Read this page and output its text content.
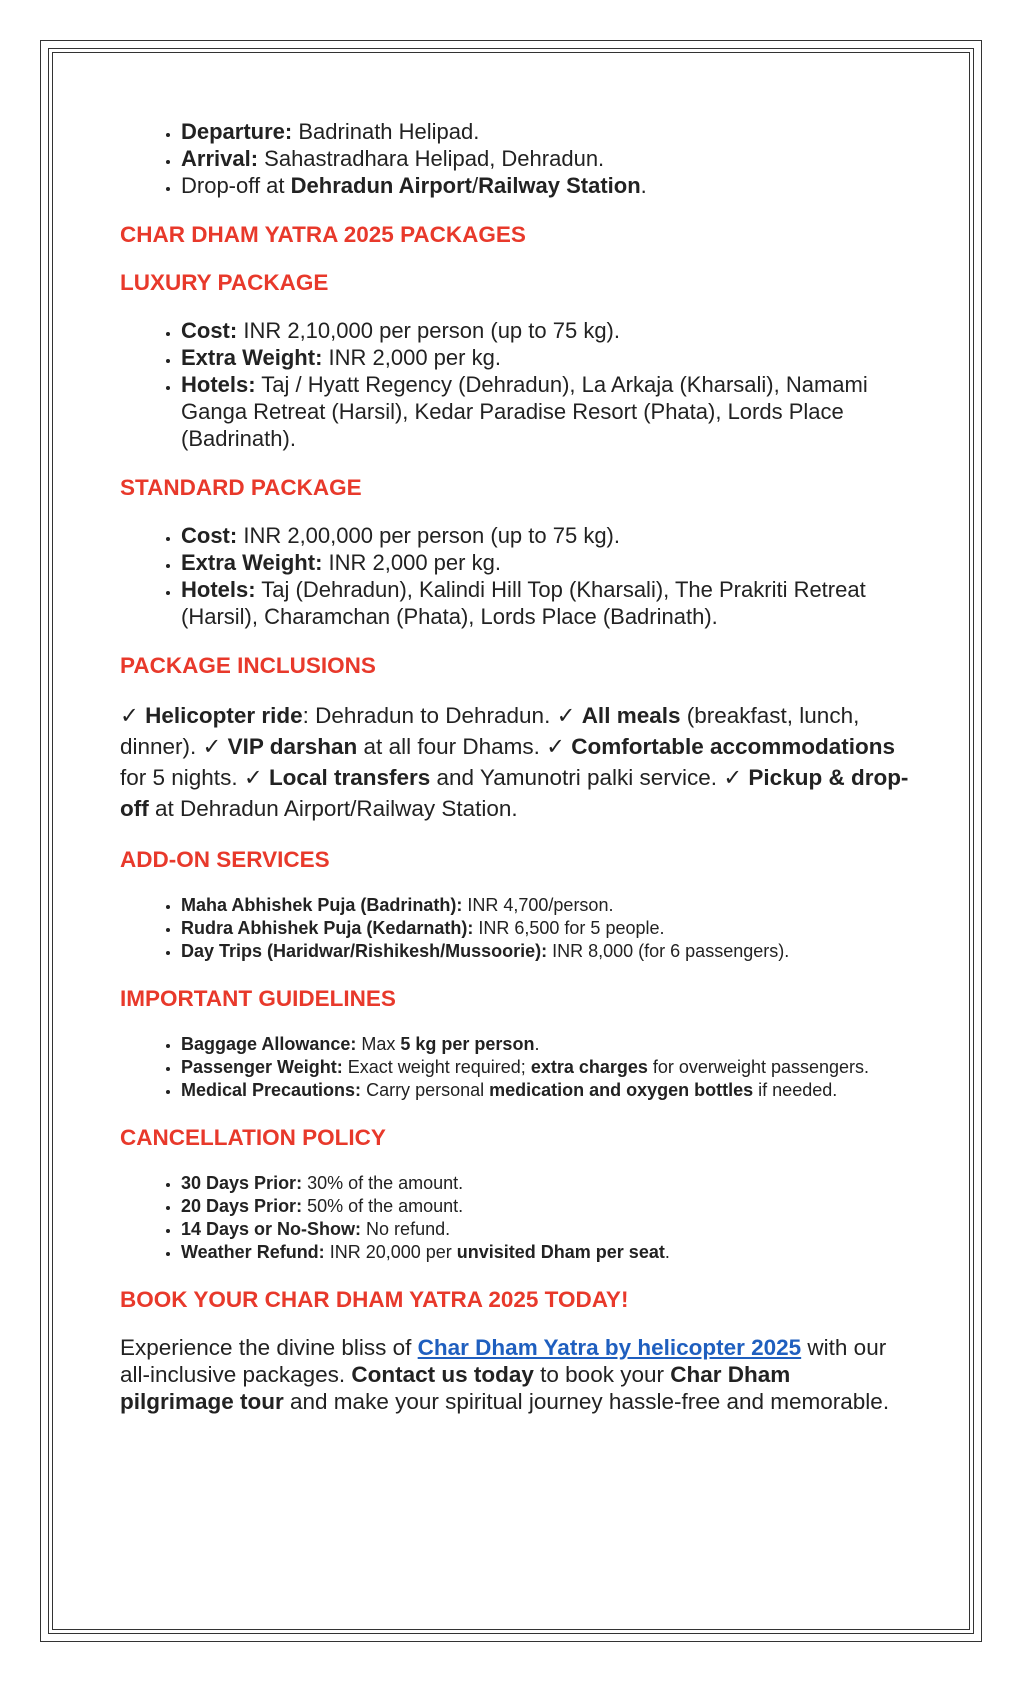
• Departure: Badrinath Helipad.
• Arrival: Sahastradhara Helipad, Dehradun.
• Drop-off at Dehradun Airport/Railway Station.
CHAR DHAM YATRA 2025 PACKAGES
LUXURY PACKAGE
• Cost: INR 2,10,000 per person (up to 75 kg).
• Extra Weight: INR 2,000 per kg.
• Hotels: Taj / Hyatt Regency (Dehradun), La Arkaja (Kharsali), Namami Ganga Retreat (Harsil), Kedar Paradise Resort (Phata), Lords Place (Badrinath).
STANDARD PACKAGE
• Cost: INR 2,00,000 per person (up to 75 kg).
• Extra Weight: INR 2,000 per kg.
• Hotels: Taj (Dehradun), Kalindi Hill Top (Kharsali), The Prakriti Retreat (Harsil), Charamchan (Phata), Lords Place (Badrinath).
PACKAGE INCLUSIONS

✓ Helicopter ride: Dehradun to Dehradun. ✓ All meals (breakfast, lunch, dinner). ✓ VIP darshan at all four Dhams. ✓ Comfortable accommodations for 5 nights. ✓ Local transfers and Yamunotri palki service. ✓ Pickup & drop-off at Dehradun Airport/Railway Station.

ADD-ON SERVICES
• Maha Abhishek Puja (Badrinath): INR 4,700/person.
• Rudra Abhishek Puja (Kedarnath): INR 6,500 for 5 people.
• Day Trips (Haridwar/Rishikesh/Mussoorie): INR 8,000 (for 6 passengers).
IMPORTANT GUIDELINES
• Baggage Allowance: Max 5 kg per person.
• Passenger Weight: Exact weight required; extra charges for overweight passengers.
• Medical Precautions: Carry personal medication and oxygen bottles if needed.
CANCELLATION POLICY
• 30 Days Prior: 30% of the amount.
• 20 Days Prior: 50% of the amount.
• 14 Days or No-Show: No refund.
• Weather Refund: INR 20,000 per unvisited Dham per seat.
BOOK YOUR CHAR DHAM YATRA 2025 TODAY!

Experience the divine bliss of Char Dham Yatra by helicopter 2025 with our all-inclusive packages. Contact us today to book your Char Dham pilgrimage tour and make your spiritual journey hassle-free and memorable.
